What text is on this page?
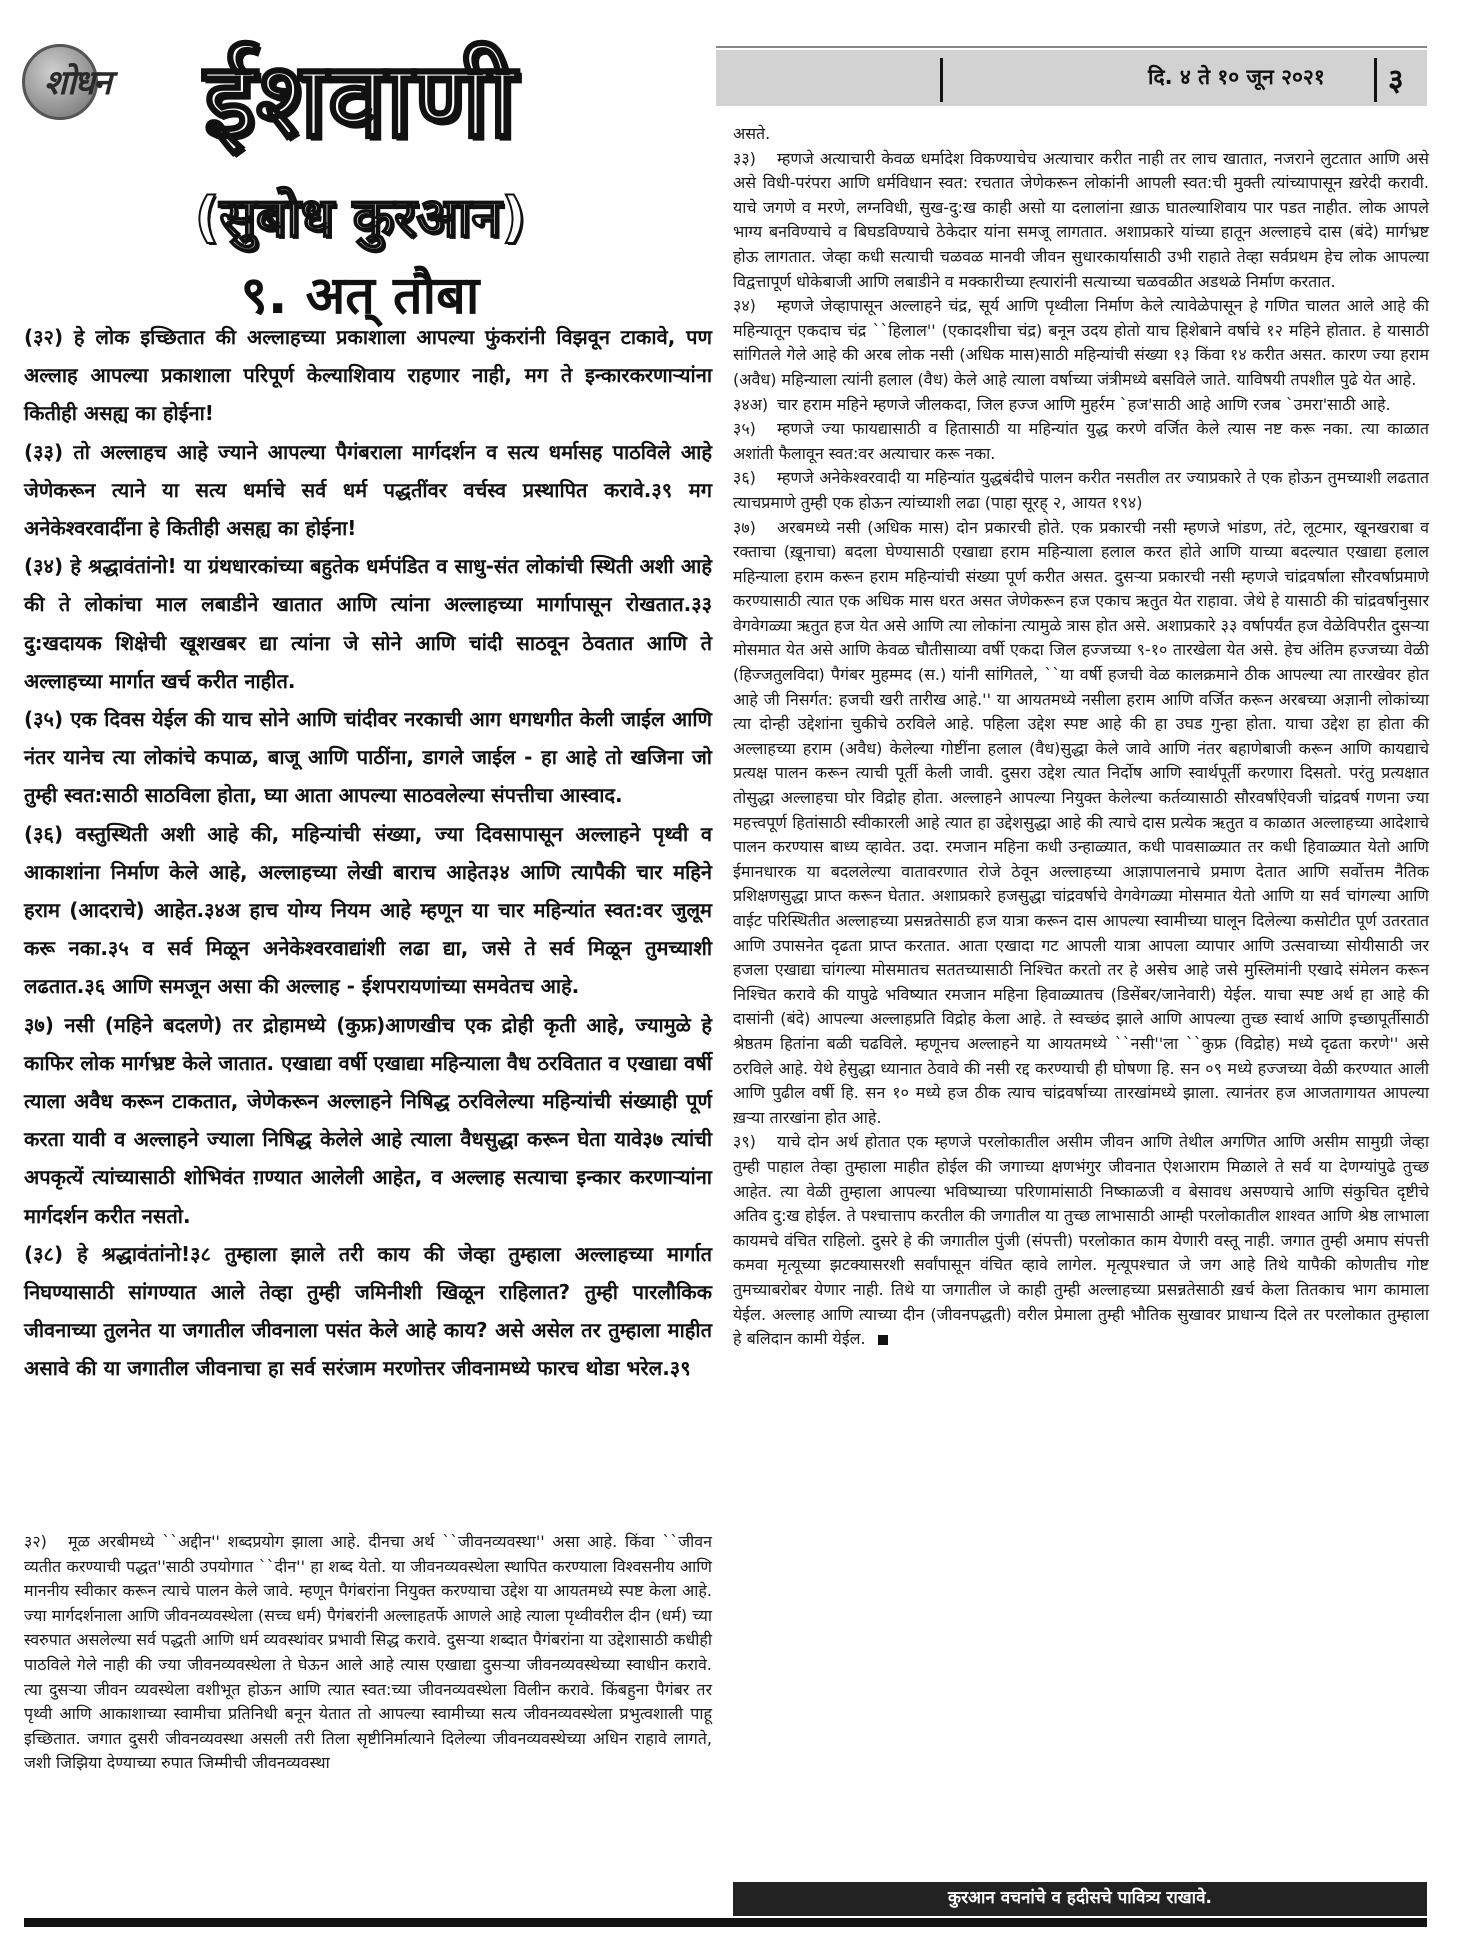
शोधन ईशवाणी
(सुबोध कुरआन)
९. अत् तौबा
दि. ४ ते १० जून २०२१ ३

(३२) हे लोक इच्छितात की अल्लाहच्या प्रकाशाला आपल्या फुंकरांनी विझवून टाकावे, पण अल्लाह आपल्या प्रकाशाला परिपूर्ण केल्याशिवाय राहणार नाही, मग ते इन्कारकरणाऱ्यांना कितीही असह्य का होईना!

(३३) तो अल्लाहच आहे ज्याने आपल्या पैगंबराला मार्गदर्शन व सत्य धर्मासह पाठविले आहे जेणेकरून त्याने या सत्य धर्माचे सर्व धर्म पद्धतींवर वर्चस्व प्रस्थापित करावे.३९ मग अनेकेश्वरवादींना हे कितीही असह्य का होईना!

(३४) हे श्रद्धावंतांनो! या ग्रंथधारकांच्या बहुतेक धर्मपंडित व साधु-संत लोकांची स्थिती अशी आहे की ते लोकांचा माल लबाडीने खातात आणि त्यांना अल्लाहच्या मार्गापासून रोखतात.३३ दु:खदायक शिक्षेची खूशखबर द्या त्यांना जे सोने आणि चांदी साठवून ठेवतात आणि ते अल्लाहच्या मार्गात खर्च करीत नाहीत.

(३५) एक दिवस येईल की याच सोने आणि चांदीवर नरकाची आग धगधगीत केली जाईल आणि नंतर यानेच त्या लोकांचे कपाळ, बाजू आणि पाठींना, डागले जाईल - हा आहे तो खजिना जो तुम्ही स्वत:साठी साठविला होता, घ्या आता आपल्या साठवलेल्या संपत्तीचा आस्वाद.

(३६) वस्तुस्थिती अशी आहे की, महिन्यांची संख्या, ज्या दिवसापासून अल्लाहने पृथ्वी व आकाशांना निर्माण केले आहे, अल्लाहच्या लेखी बाराच आहेत३४ आणि त्यापैकी चार महिने हराम (आदराचे) आहेत.३४अ हाच योग्य नियम आहे म्हणून या चार महिन्यांत स्वत:वर जुलूम करू नका.३५ व सर्व मिळून अनेकेश्वरवाद्यांशी लढा द्या, जसे ते सर्व मिळून तुमच्याशी लढतात.३६ आणि समजून असा की अल्लाह - ईशपरायणांच्या समवेतच आहे.

३७) नसी (महिने बदलणे) तर द्रोहामध्ये (कुफ्र)आणखीच एक द्रोही कृती आहे, ज्यामुळे हे काफिर लोक मार्गभ्रष्ट केले जातात. एखाद्या वर्षी एखाद्या महिन्याला वैध ठरवितात व एखाद्या वर्षी त्याला अवैध करून टाकतात, जेणेकरून अल्लाहने निषिद्ध ठरविलेल्या महिन्यांची संख्याही पूर्ण करता यावी व अल्लाहने ज्याला निषिद्ध केलेले आहे त्याला वैधसुद्धा करून घेता यावे३७ त्यांची अपकृत्यें त्यांच्यासाठी शोभिवंत ग़ण्यात आलेली आहेत, व अल्लाह सत्याचा इन्कार करणाऱ्यांना मार्गदर्शन करीत नसतो.

(३८) हे श्रद्धावंतांनो!३८ तुम्हाला झाले तरी काय की जेव्हा तुम्हाला अल्लाहच्या मार्गात निघण्यासाठी सांगण्यात आले तेव्हा तुम्ही जमिनीशी खिळून राहिलात? तुम्ही पारलौकिक जीवनाच्या तुलनेत या जगातील जीवनाला पसंत केले आहे काय? असे असेल तर तुम्हाला माहीत असावे की या जगातील जीवनाचा हा सर्व सरंजाम मरणोत्तर जीवनामध्ये फारच थोडा भरेल.३९

३२) मूळ अरबीमध्ये ``अद्दीन'' शब्दप्रयोग झाला आहे. दीनचा अर्थ ``जीवनव्यवस्था'' असा आहे. किंवा ``जीवन व्यतीत करण्याची पद्धत''साठी उपयोगात ``दीन'' हा शब्द येतो. या जीवनव्यवस्थेला स्थापित करण्याला विश्वसनीय आणि माननीय स्वीकार करून त्याचे पालन केले जावे. म्हणून पैगंबरांना नियुक्त करण्याचा उद्देश या आयतमध्ये स्पष्ट केला आहे. ज्या मार्गदर्शनाला आणि जीवनव्यवस्थेला (सच्च धर्म) पैगंबरांनी अल्लाहतर्फे आणले आहे त्याला पृथ्वीवरील दीन (धर्म) च्या स्वरुपात असलेल्या सर्व पद्धती आणि धर्म व्यवस्थांवर प्रभावी सिद्ध करावे. दुसऱ्या शब्दात पैगंबरांना या उद्देशासाठी कधीही पाठविले गेले नाही की ज्या जीवनव्यवस्थेला ते घेऊन आले आहे त्यास एखाद्या दुसऱ्या जीवनव्यवस्थेच्या स्वाधीन करावे. त्या दुसऱ्या जीवन व्यवस्थेला वशीभूत होऊन आणि त्यात स्वत:च्या जीवनव्यवस्थेला विलीन करावे. किंबहुना पैगंबर तर पृथ्वी आणि आकाशाच्या स्वामीचा प्रतिनिधी बनून येतात तो आपल्या स्वामीच्या सत्य जीवनव्यवस्थेला प्रभुत्वशाली पाहू इच्छितात. जगात दुसरी जीवनव्यवस्था असली तरी तिला सृष्टीनिर्मात्याने दिलेल्या जीवनव्यवस्थेच्या अधिन राहावे लागते, जशी जिझिया देण्याच्या रुपात जिम्मीची जीवनव्यवस्था

असते.

३३) म्हणजे अत्याचारी केवळ धर्मादेश विकण्याचेच अत्याचार करीत नाही तर लाच खातात, नजराने लुटतात आणि असे असे विधी-परंपरा आणि धर्मविधान स्वत: रचतात जेणेकरून लोकांनी आपली स्वत:ची मुक्ती त्यांच्यापासून ख़रेदी करावी. याचे जगणे व मरणे, लग्नविधी, सुख-दु:ख काही असो या दलालांना ख़ाऊ घातल्याशिवाय पार पडत नाहीत. लोक आपले भाग्य बनविण्याचे व बिघडविण्याचे ठेकेदार यांना समजू लागतात. अशाप्रकारे यांच्या हातून अल्लाहचे दास (बंदे) मार्गभ्रष्ट होऊ लागतात. जेव्हा कधी सत्याची चळवळ मानवी जीवन सुधारकार्यासाठी उभी राहाते तेव्हा सर्वप्रथम हेच लोक आपल्या विद्वत्तापूर्ण धोकेबाजी आणि लबाडीने व मक्कारीच्या ह्त्यारांनी सत्याच्या चळवळीत अडथळे निर्माण करतात.

३४) म्हणजे जेव्हापासून अल्लाहने चंद्र, सूर्य आणि पृथ्वीला निर्माण केले त्यावेळेपासून हे गणित चालत आले आहे की महिन्यातून एकदाच चंद्र ``हिलाल'' (एकादशीचा चंद्र) बनून उदय होतो याच हिशेबाने वर्षाचे १२ महिने होतात. हे यासाठी सांगितले गेले आहे की अरब लोक नसी (अधिक मास)साठी महिन्यांची संख्या १३ किंवा १४ करीत असत. कारण ज्या हराम (अवैध) महिन्याला त्यांनी हलाल (वैध) केले आहे त्याला वर्षाच्या जंत्रीमध्ये बसविले जाते. याविषयी तपशील पुढे येत आहे.

३४अ) चार हराम महिने म्हणजे जीलकदा, जिल हज्ज आणि मुहर्रम `हज'साठी आहे आणि रजब `उमरा'साठी आहे.

३५) म्हणजे ज्या फायद्यासाठी व हितासाठी या महिन्यांत युद्ध करणे वर्जित केले त्यास नष्ट करू नका. त्या काळात अशांती फैलावून स्वत:वर अत्याचार करू नका.

३६) म्हणजे अनेकेश्वरवादी या महिन्यांत युद्धबंदीचे पालन करीत नसतील तर ज्याप्रकारे ते एक होऊन तुमच्याशी लढतात त्याचप्रमाणे तुम्ही एक होऊन त्यांच्याशी लढा (पाहा सूरह् २, आयत १९४)

३७) अरबमध्ये नसी (अधिक मास) दोन प्रकारची होते. एक प्रकारची नसी म्हणजे भांडण, तंटे, लूटमार, खूनखराबा व रक्ताचा (ख़ूनाचा) बदला घेण्यासाठी एखाद्या हराम महिन्याला हलाल करत होते आणि याच्या बदल्यात एखाद्या हलाल महिन्याला हराम करून हराम महिन्यांची संख्या पूर्ण करीत असत. दुसऱ्या प्रकारची नसी म्हणजे चांद्रवर्षाला सौरवर्षाप्रमाणे करण्यासाठी त्यात एक अधिक मास धरत असत जेणेकरून हज एकाच ऋतुत येत राहावा. जेथे हे यासाठी की चांद्रवर्षानुसार वेगवेगळ्या ऋतुत हज येत असे आणि त्या लोकांना त्यामुळे त्रास होत असे. अशाप्रकारे ३३ वर्षापर्यंत हज वेळेविपरीत दुसऱ्या मोसमात येत असे आणि केवळ चौतीसाव्या वर्षी एकदा जिल हज्जच्या ९-१० तारखेला येत असे. हेच अंतिम हज्जच्या वेळी (हिज्जतुलविदा) पैगंबर मुहम्मद (स.) यांनी सांगितले, ``या वर्षी हजची वेळ कालक्रमाने ठीक आपल्या त्या तारखेवर होत आहे जी निसर्गत: हजची खरी तारीख आहे.'' या आयतमध्ये नसीला हराम आणि वर्जित करून अरबच्या अज्ञानी लोकांच्या त्या दोन्ही उद्देशांना चुकीचे ठरविले आहे. पहिला उद्देश स्पष्ट आहे की हा उघड गुन्हा होता. याचा उद्देश हा होता की अल्लाहच्या हराम (अवैध) केलेल्या गोष्टींना हलाल (वैध)सुद्धा केले जावे आणि नंतर बहाणेबाजी करून आणि कायद्याचे प्रत्यक्ष पालन करून त्याची पूर्ती केली जावी. दुसरा उद्देश त्यात निर्दोष आणि स्वार्थपूर्ती करणारा दिसतो. परंतु प्रत्यक्षात तोसुद्धा अल्लाहचा घोर विद्रोह होता. अल्लाहने आपल्या नियुक्त केलेल्या कर्तव्यासाठी सौरवर्षांऐवजी चांद्रवर्ष गणना ज्या महत्त्वपूर्ण हितांसाठी स्वीकारली आहे त्यात हा उद्देशसुद्धा आहे की त्याचे दास प्रत्येक ऋतुत व काळात अल्लाहच्या आदेशाचे पालन करण्यास बाध्य व्हावेत. उदा. रमजान महिना कधी उन्हाळ्यात, कधी पावसाळ्यात तर कधी हिवाळ्यात येतो आणि ईमानधारक या बदललेल्या वातावरणात रोजे ठेवून अल्लाहच्या आज्ञापालनाचे प्रमाण देतात आणि सर्वोत्तम नैतिक प्रशिक्षणसुद्धा प्राप्त करून घेतात. अशाप्रकारे हजसुद्धा चांद्रवर्षाचे वेगवेगळ्या मोसमात येतो आणि या सर्व चांगल्या आणि वाईट परिस्थितीत अल्लाहच्या प्रसन्नतेसाठी हज यात्रा करून दास आपल्या स्वामीच्या घालून दिलेल्या कसोटीत पूर्ण उतरतात आणि उपासनेत दृढता प्राप्त करतात. आता एखादा गट आपली यात्रा आपला व्यापार आणि उत्सवाच्या सोयीसाठी जर हजला एखाद्या चांगल्या मोसमातच सततच्यासाठी निश्चित करतो तर हे असेच आहे जसे मुस्लिमांनी एखादे संमेलन करून निश्चित करावे की यापुढे भविष्यात रमजान महिना हिवाळ्यातच (डिसेंबर/जानेवारी) येईल. याचा स्पष्ट अर्थ हा आहे की दासांनी (बंदे) आपल्या अल्लाहप्रति विद्रोह केला आहे. ते स्वच्छंद झाले आणि आपल्या तुच्छ स्वार्थ आणि इच्छापूर्तीसाठी श्रेष्ठतम हितांना बळी चढविले. म्हणूनच अल्लाहने या आयतमध्ये ``नसी''ला ``कुफ्र (विद्रोह) मध्ये दृढता करणे'' असे ठरविले आहे. येथे हेसुद्धा ध्यानात ठेवावे की नसी रद्द करण्याची ही घोषणा हि. सन ०९ मध्ये हज्जच्या वेळी करण्यात आली आणि पुढील वर्षी हि. सन १० मध्ये हज ठीक त्याच चांद्रवर्षाच्या तारखांमध्ये झाला. त्यानंतर हज आजतागायत आपल्या ख़र्‍या तारखांना होत आहे.

३९) याचे दोन अर्थ होतात एक म्हणजे परलोकातील असीम जीवन आणि तेथील अगणित आणि असीम सामुग्री जेव्हा तुम्ही पाहाल तेव्हा तुम्हाला माहीत होईल की जगाच्या क्षणभंगुर जीवनात ऐशआराम मिळाले ते सर्व या देणग्यांपुढे तुच्छ आहेत. त्या वेळी तुम्हाला आपल्या भविष्याच्या परिणामांसाठी निष्काळजी व बेसावध असण्याचे आणि संकुचित दृष्टीचे अतिव दु:ख होईल. ते पश्चात्ताप करतील की जगातील या तुच्छ लाभासाठी आम्ही परलोकातील शाश्वत आणि श्रेष्ठ लाभाला कायमचे वंचित राहिलो. दुसरे हे की जगातील पुंजी (संपत्ती) परलोकात काम येणारी वस्तू नाही. जगात तुम्ही अमाप संपत्ती कमवा मृत्यूच्या झटक्यासरशी सर्वांपासून वंचित व्हावे लागेल. मृत्यूपश्चात जे जग आहे तिथे यापैकी कोणतीच गोष्ट तुमच्याबरोबर येणार नाही. तिथे या जगातील जे काही तुम्ही अल्लाहच्या प्रसन्नतेसाठी ख़र्च केला तितकाच भाग कामाला येईल. अल्लाह आणि त्याच्या दीन (जीवनपद्धती) वरील प्रेमाला तुम्ही भौतिक सुखावर प्राधान्य दिले तर परलोकात तुम्हाला हे बलिदान कामी येईल.

कुरआन वचनांचे व हदीसचे पावित्र्य राखावे.
